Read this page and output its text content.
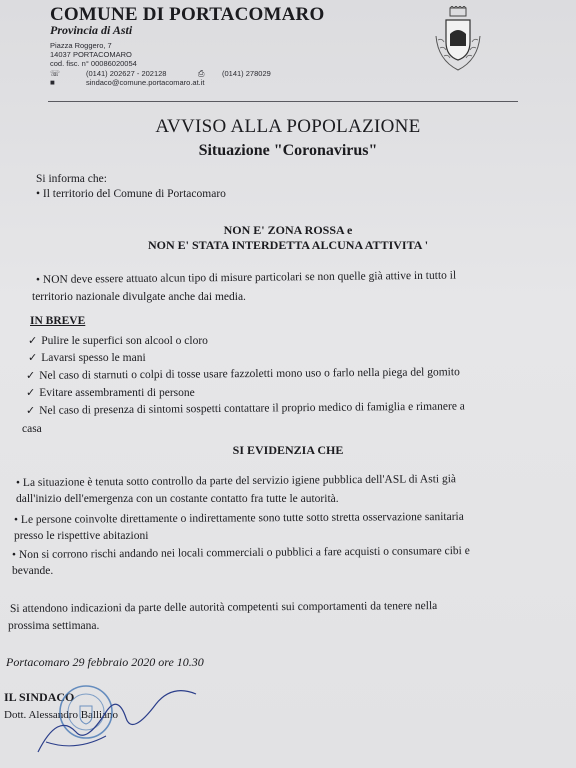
COMUNE DI PORTACOMARO
Provincia di Asti
Piazza Roggero, 7
14037 PORTACOMARO
cod. fisc. n° 00086020054
☏	(0141) 202627 - 202128	⎙ (0141) 278029
■	sindaco@comune.portacomaro.at.it
AVVISO ALLA POPOLAZIONE
Situazione "Coronavirus"
Si informa che:
• Il territorio del Comune di Portacomaro
NON E' ZONA ROSSA e
NON E' STATA INTERDETTA ALCUNA ATTIVITA '
• NON deve essere attuato alcun tipo di misure particolari se non quelle già attive in tutto il
territorio nazionale divulgate anche dai media.
IN BREVE
✓ Pulire le superfici son alcool o cloro
✓ Lavarsi spesso le mani
✓ Nel caso di starnuti o colpi di tosse usare fazzoletti mono uso o farlo nella piega del gomito
✓ Evitare assembramenti di persone
✓ Nel caso di presenza di sintomi sospetti contattare il proprio medico di famiglia e rimanere a
casa
SI EVIDENZIA CHE
• La situazione è tenuta sotto controllo da parte del servizio igiene pubblica dell'ASL di Asti già
dall'inizio dell'emergenza con un costante contatto fra tutte le autorità.
• Le persone coinvolte direttamente o indirettamente sono tutte sotto stretta osservazione sanitaria
presso le rispettive abitazioni
• Non si corrono rischi andando nei locali commerciali o pubblici a fare acquisti o consumare cibi e
bevande.
Si attendono indicazioni da parte delle autorità competenti sui comportamenti da tenere nella
prossima settimana.
Portacomaro 29 febbraio 2020 ore 10.30
IL SINDACO
Dott. Alessandro Balliano
